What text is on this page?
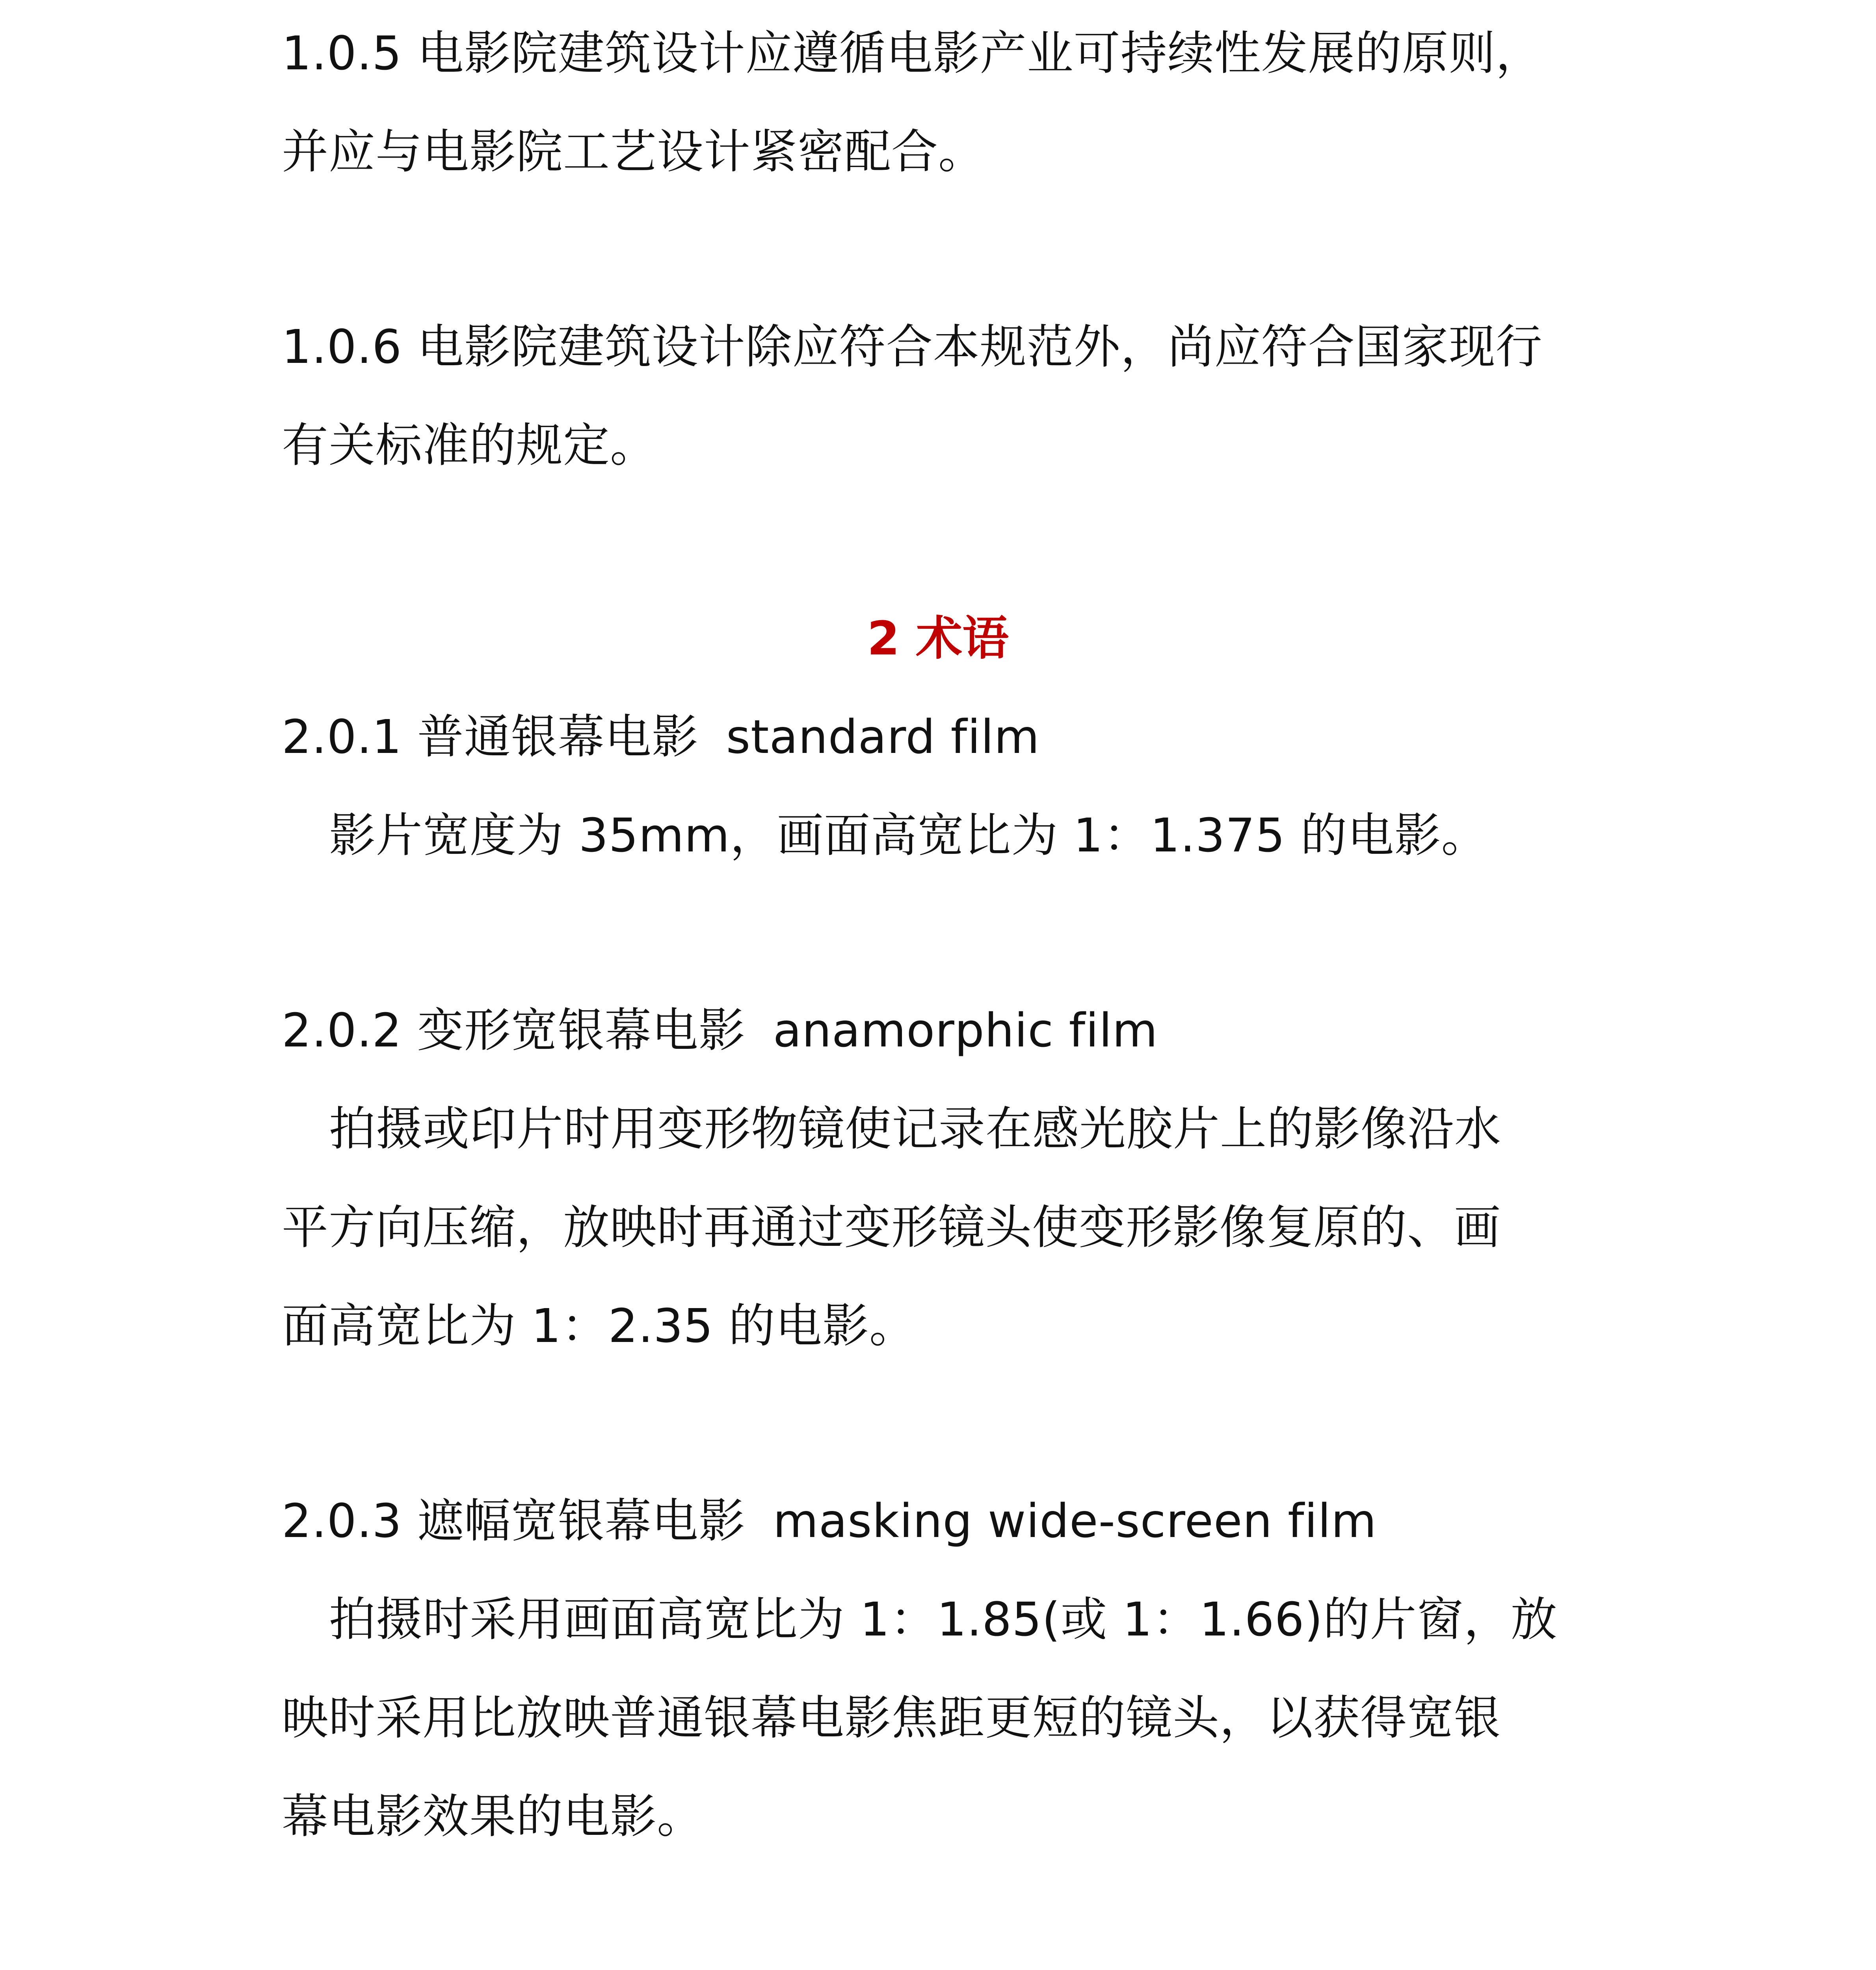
1.0.5 电影院建筑设计应遵循电影产业可持续性发展的原则，
并应与电影院工艺设计紧密配合。
1.0.6 电影院建筑设计除应符合本规范外，尚应符合国家现行
有关标准的规定。
2 术语
2.0.1 普通银幕电影 standard film
影片宽度为 35mm，画面高宽比为 1：1.375 的电影。
2.0.2 变形宽银幕电影 anamorphic film
拍摄或印片时用变形物镜使记录在感光胶片上的影像沿水
平方向压缩，放映时再通过变形镜头使变形影像复原的、画
面高宽比为 1：2.35 的电影。
2.0.3 遮幅宽银幕电影 masking wide-screen film
拍摄时采用画面高宽比为 1：1.85(或 1：1.66)的片窗，放
映时采用比放映普通银幕电影焦距更短的镜头，以获得宽银
幕电影效果的电影。
